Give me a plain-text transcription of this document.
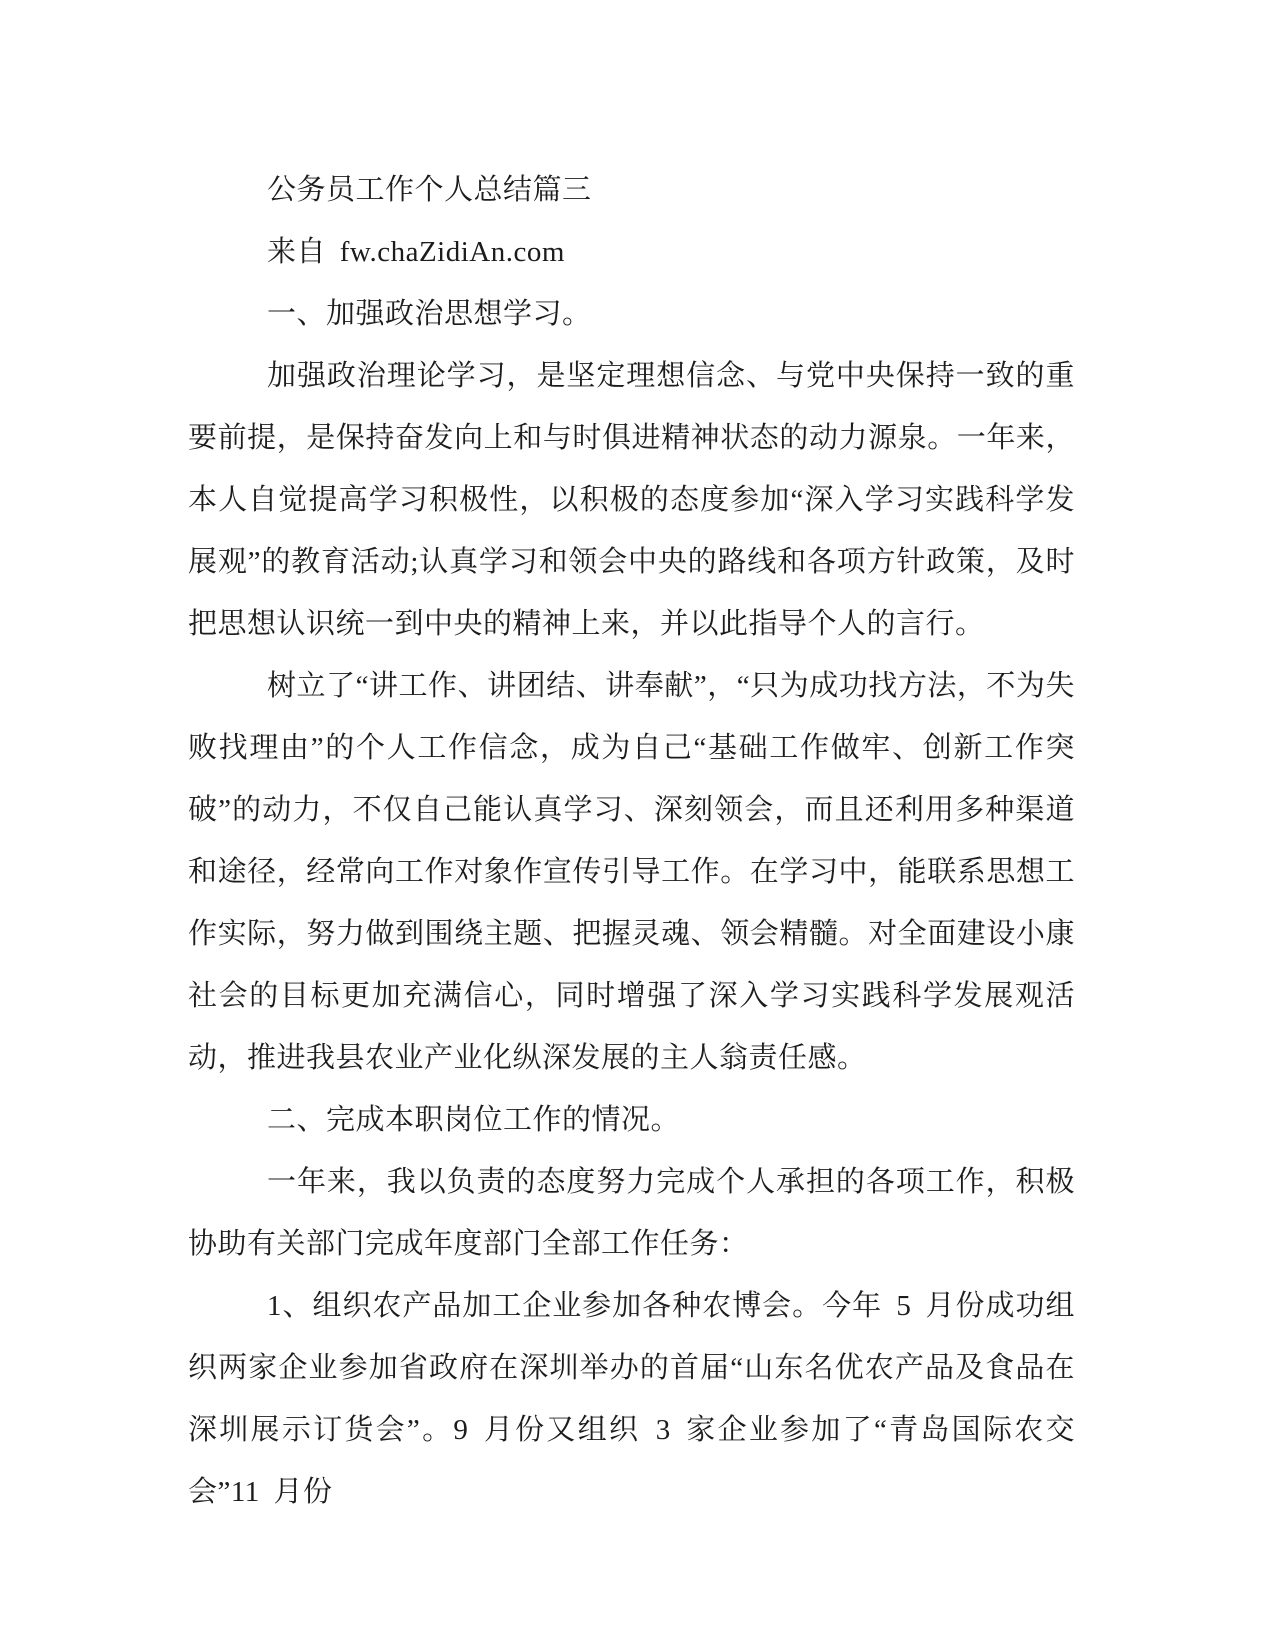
公务员工作个人总结篇三

来自 fw.chaZidiAn.com

一、加强政治思想学习。

加强政治理论学习，是坚定理想信念、与党中央保持一致的重要前提，是保持奋发向上和与时俱进精神状态的动力源泉。一年来，本人自觉提高学习积极性，以积极的态度参加“深入学习实践科学发展观”的教育活动;认真学习和领会中央的路线和各项方针政策，及时把思想认识统一到中央的精神上来，并以此指导个人的言行。

树立了“讲工作、讲团结、讲奉献”，“只为成功找方法，不为失败找理由”的个人工作信念，成为自己“基础工作做牢、创新工作突破”的动力，不仅自己能认真学习、深刻领会，而且还利用多种渠道和途径，经常向工作对象作宣传引导工作。在学习中，能联系思想工作实际，努力做到围绕主题、把握灵魂、领会精髓。对全面建设小康社会的目标更加充满信心，同时增强了深入学习实践科学发展观活动，推进我县农业产业化纵深发展的主人翁责任感。

二、完成本职岗位工作的情况。

一年来，我以负责的态度努力完成个人承担的各项工作，积极协助有关部门完成年度部门全部工作任务：

1、组织农产品加工企业参加各种农博会。今年 5 月份成功组织两家企业参加省政府在深圳举办的首届“山东名优农产品及食品在深圳展示订货会”。9 月份又组织 3 家企业参加了“青岛国际农交会”11 月份
